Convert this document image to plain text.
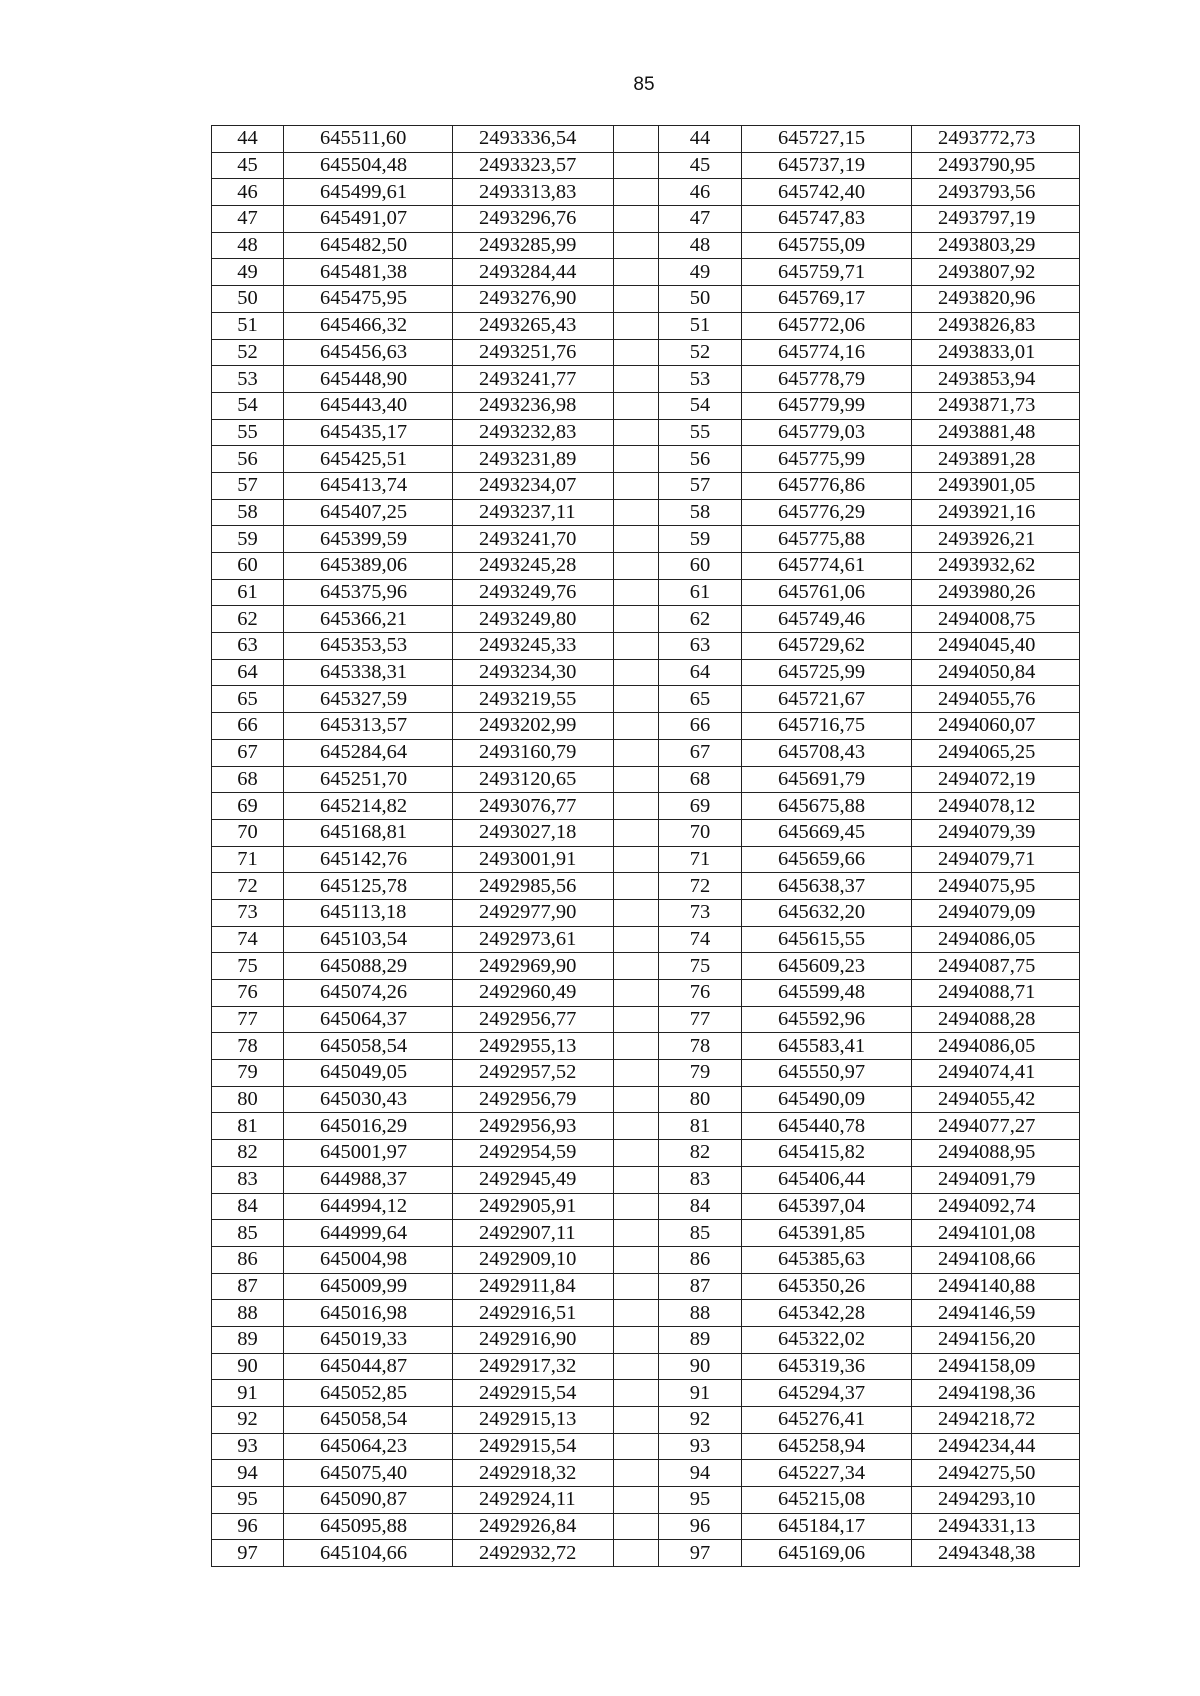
85
44	645511,60	2493336,54		44	645727,15	2493772,73
45	645504,48	2493323,57		45	645737,19	2493790,95
46	645499,61	2493313,83		46	645742,40	2493793,56
47	645491,07	2493296,76		47	645747,83	2493797,19
48	645482,50	2493285,99		48	645755,09	2493803,29
49	645481,38	2493284,44		49	645759,71	2493807,92
50	645475,95	2493276,90		50	645769,17	2493820,96
51	645466,32	2493265,43		51	645772,06	2493826,83
52	645456,63	2493251,76		52	645774,16	2493833,01
53	645448,90	2493241,77		53	645778,79	2493853,94
54	645443,40	2493236,98		54	645779,99	2493871,73
55	645435,17	2493232,83		55	645779,03	2493881,48
56	645425,51	2493231,89		56	645775,99	2493891,28
57	645413,74	2493234,07		57	645776,86	2493901,05
58	645407,25	2493237,11		58	645776,29	2493921,16
59	645399,59	2493241,70		59	645775,88	2493926,21
60	645389,06	2493245,28		60	645774,61	2493932,62
61	645375,96	2493249,76		61	645761,06	2493980,26
62	645366,21	2493249,80		62	645749,46	2494008,75
63	645353,53	2493245,33		63	645729,62	2494045,40
64	645338,31	2493234,30		64	645725,99	2494050,84
65	645327,59	2493219,55		65	645721,67	2494055,76
66	645313,57	2493202,99		66	645716,75	2494060,07
67	645284,64	2493160,79		67	645708,43	2494065,25
68	645251,70	2493120,65		68	645691,79	2494072,19
69	645214,82	2493076,77		69	645675,88	2494078,12
70	645168,81	2493027,18		70	645669,45	2494079,39
71	645142,76	2493001,91		71	645659,66	2494079,71
72	645125,78	2492985,56		72	645638,37	2494075,95
73	645113,18	2492977,90		73	645632,20	2494079,09
74	645103,54	2492973,61		74	645615,55	2494086,05
75	645088,29	2492969,90		75	645609,23	2494087,75
76	645074,26	2492960,49		76	645599,48	2494088,71
77	645064,37	2492956,77		77	645592,96	2494088,28
78	645058,54	2492955,13		78	645583,41	2494086,05
79	645049,05	2492957,52		79	645550,97	2494074,41
80	645030,43	2492956,79		80	645490,09	2494055,42
81	645016,29	2492956,93		81	645440,78	2494077,27
82	645001,97	2492954,59		82	645415,82	2494088,95
83	644988,37	2492945,49		83	645406,44	2494091,79
84	644994,12	2492905,91		84	645397,04	2494092,74
85	644999,64	2492907,11		85	645391,85	2494101,08
86	645004,98	2492909,10		86	645385,63	2494108,66
87	645009,99	2492911,84		87	645350,26	2494140,88
88	645016,98	2492916,51		88	645342,28	2494146,59
89	645019,33	2492916,90		89	645322,02	2494156,20
90	645044,87	2492917,32		90	645319,36	2494158,09
91	645052,85	2492915,54		91	645294,37	2494198,36
92	645058,54	2492915,13		92	645276,41	2494218,72
93	645064,23	2492915,54		93	645258,94	2494234,44
94	645075,40	2492918,32		94	645227,34	2494275,50
95	645090,87	2492924,11		95	645215,08	2494293,10
96	645095,88	2492926,84		96	645184,17	2494331,13
97	645104,66	2492932,72		97	645169,06	2494348,38
